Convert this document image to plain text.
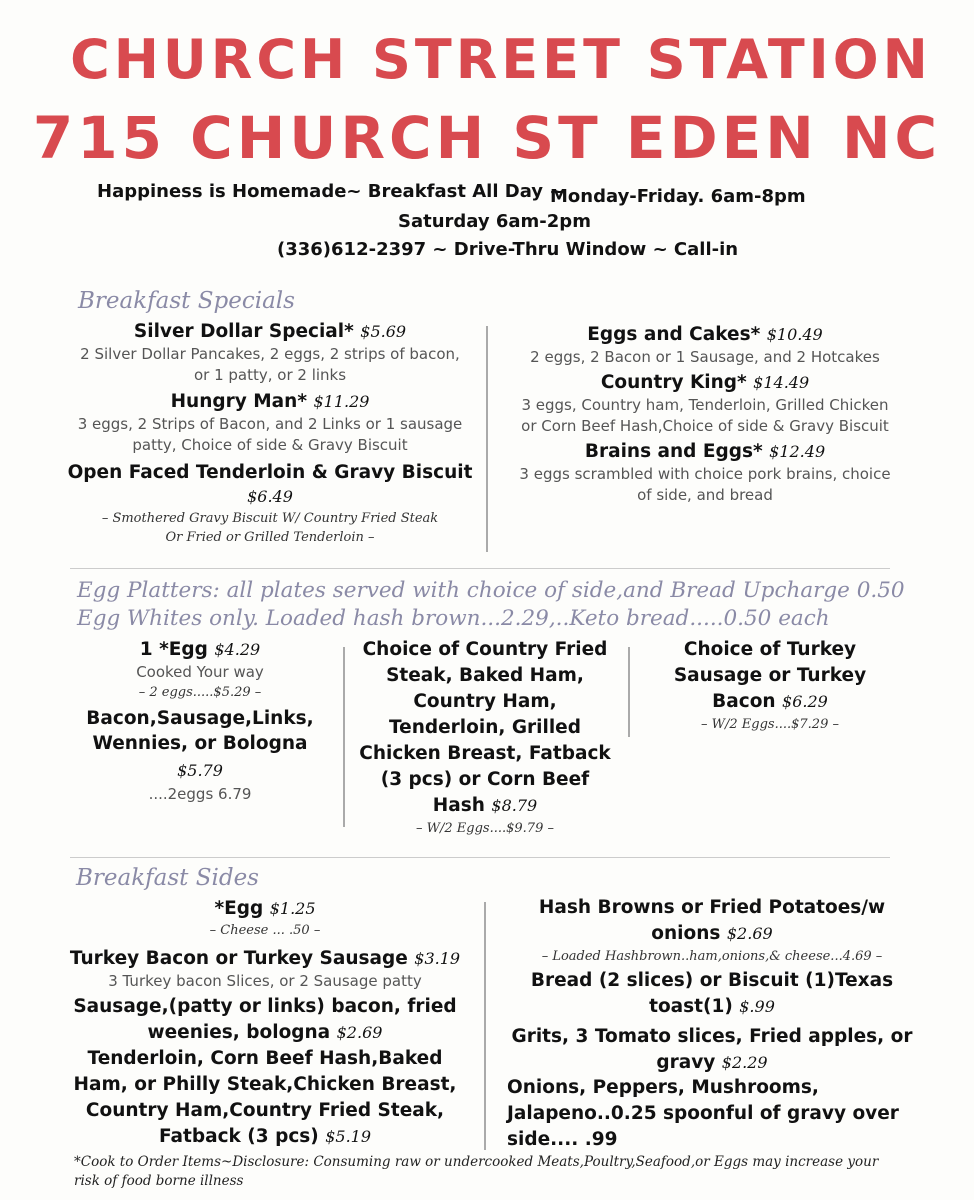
CHURCH STREET STATION
715 CHURCH ST EDEN NC
Happiness is Homemade~ Breakfast All Day ~
Monday-Friday. 6am-8pm
Saturday 6am-2pm
(336)612-2397 ~ Drive-Thru Window ~ Call-in
Breakfast Specials
Silver Dollar Special* $5.69
2 Silver Dollar Pancakes, 2 eggs, 2 strips of bacon,
or 1 patty, or 2 links
Hungry Man* $11.29
3 eggs, 2 Strips of Bacon, and 2 Links or 1 sausage
patty, Choice of side & Gravy Biscuit
Open Faced Tenderloin & Gravy Biscuit
$6.49
– Smothered Gravy Biscuit W/ Country Fried Steak
Or Fried or Grilled Tenderloin –
Eggs and Cakes* $10.49
2 eggs, 2 Bacon or 1 Sausage, and 2 Hotcakes
Country King* $14.49
3 eggs, Country ham, Tenderloin, Grilled Chicken
or Corn Beef Hash,Choice of side & Gravy Biscuit
Brains and Eggs* $12.49
3 eggs scrambled with choice pork brains, choice
of side, and bread
Egg Platters: all plates served with choice of side,and Bread Upcharge 0.50
Egg Whites only. Loaded hash brown...2.29,..Keto bread.....0.50 each
1 *Egg $4.29
Cooked Your way
– 2 eggs.....$5.29 –
Bacon,Sausage,Links,
Wennies, or Bologna
$5.79
....2eggs 6.79
Choice of Country Fried
Steak, Baked Ham,
Country Ham,
Tenderloin, Grilled
Chicken Breast, Fatback
(3 pcs) or Corn Beef
Hash $8.79
– W/2 Eggs....$9.79 –
Choice of Turkey
Sausage or Turkey
Bacon $6.29
– W/2 Eggs....$7.29 –
Breakfast Sides
*Egg $1.25
– Cheese ... .50 –
Turkey Bacon or Turkey Sausage $3.19
3 Turkey bacon Slices, or 2 Sausage patty
Sausage,(patty or links) bacon, fried
weenies, bologna $2.69
Tenderloin, Corn Beef Hash,Baked
Ham, or Philly Steak,Chicken Breast,
Country Ham,Country Fried Steak,
Fatback (3 pcs) $5.19
Hash Browns or Fried Potatoes/w
onions $2.69
– Loaded Hashbrown..ham,onions,& cheese...4.69 –
Bread (2 slices) or Biscuit (1)Texas
toast(1) $.99
Grits, 3 Tomato slices, Fried apples, or
gravy $2.29
Onions, Peppers, Mushrooms,
Jalapeno..0.25 spoonful of gravy over
side.... .99
*Cook to Order Items~Disclosure: Consuming raw or undercooked Meats,Poultry,Seafood,or Eggs may increase your
risk of food borne illness
